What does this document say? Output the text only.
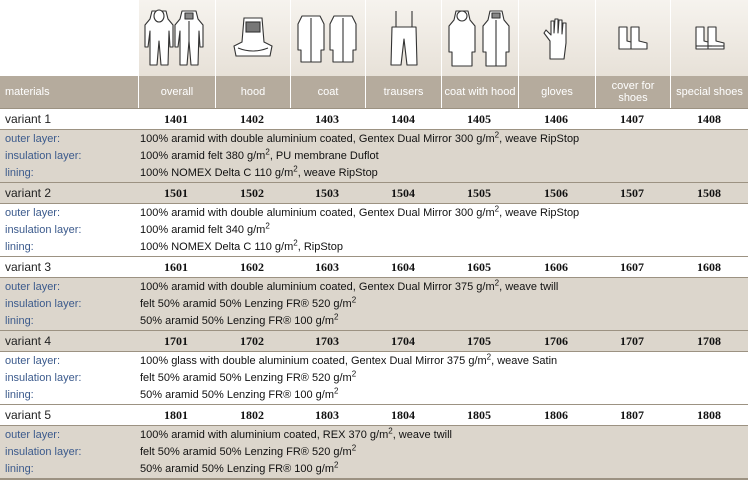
materials	overall	hood	coat	trausers	coat with hood	gloves	cover for shoes	special shoes
variant 1	1401	1402	1403	1404	1405	1406	1407	1408
outer layer:	100% aramid with double aluminium coated, Gentex Dual Mirror 300 $g/m^2$, weave RipStop
insulation layer:	100% aramid felt 380 $g/m^2$, PU membrane Duflot
lining:	100% NOMEX Delta C 110 $g/m^2$, weave RipStop
variant 2	1501	1502	1503	1504	1505	1506	1507	1508
outer layer:	100% aramid with double aluminium coated, Gentex Dual Mirror 300 $g/m^2$, weave RipStop
insulation layer:	100% aramid felt 340 $g/m^2$
lining:	100% NOMEX Delta C 110 $g/m^2$, RipStop
variant 3	1601	1602	1603	1604	1605	1606	1607	1608
outer layer:	100% aramid with double aluminium coated, Gentex Dual Mirror 375 $g/m^2$, weave twill
insulation layer:	felt 50% aramid 50% Lenzing FR® 520 $g/m^2$
lining:	50% aramid 50% Lenzing FR® 100 $g/m^2$
variant 4	1701	1702	1703	1704	1705	1706	1707	1708
outer layer:	100% glass with double aluminium coated, Gentex Dual Mirror 375 $g/m^2$, weave Satin
insulation layer:	felt 50% aramid 50% Lenzing FR® 520 $g/m^2$
lining:	50% aramid 50% Lenzing FR® 100 $g/m^2$
variant 5	1801	1802	1803	1804	1805	1806	1807	1808
outer layer:	100% aramid with aluminium coated, REX 370 $g/m^2$, weave twill
insulation layer:	felt 50% aramid 50% Lenzing FR® 520 $g/m^2$
lining:	50% aramid 50% Lenzing FR® 100 $g/m^2$
